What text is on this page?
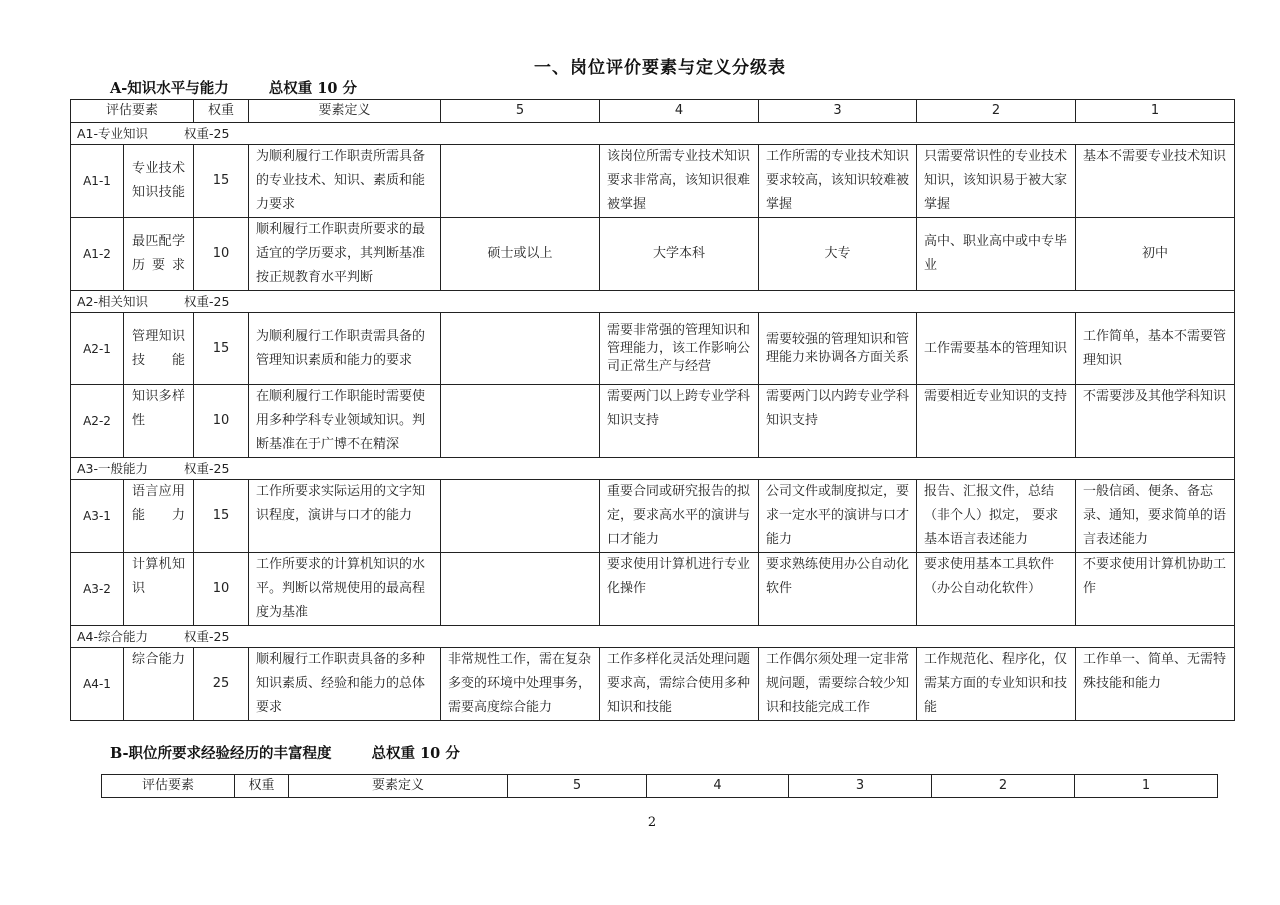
一、岗位评价要素与定义分级表
A-知识水平与能力	总权重 10 分
评估要素		权重	要素定义	5	4	3	2	1
A1-专业知识 权重-25								
A1-1	专业技术知识技能	15	为顺利履行工作职责所需具备的专业技术、知识、素质和能力要求		该岗位所需专业技术知识要求非常高，该知识很难被掌握	工作所需的专业技术知识要求较高，该知识较难被掌握	只需要常识性的专业技术知识，该知识易于被大家掌握	基本不需要专业技术知识
A1-2	最匹配学历要求	10	顺利履行工作职责所要求的最适宜的学历要求，其判断基准按正规教育水平判断	硕士或以上	大学本科	大专	高中、职业高中或中专毕业	初中
A2-相关知识 权重-25								
A2-1	管理知识技能	15	为顺利履行工作职责需具备的管理知识素质和能力的要求		需要非常强的管理知识和管理能力，该工作影响公司正常生产与经营	需要较强的管理知识和管理能力来协调各方面关系	工作需要基本的管理知识	工作简单，基本不需要管理知识
A2-2	知识多样性	10	在顺利履行工作职能时需要使用多种学科专业领域知识。判断基准在于广博不在精深		需要两门以上跨专业学科知识支持	需要两门以内跨专业学科知识支持	需要相近专业知识的支持	不需要涉及其他学科知识
A3-一般能力 权重-25								
A3-1	语言应用能力	15	工作所要求实际运用的文字知识程度，演讲与口才的能力		重要合同或研究报告的拟定，要求高水平的演讲与口才能力	公司文件或制度拟定，要求一定水平的演讲与口才能力	报告、汇报文件，总结（非个人）拟定， 要求基本语言表述能力	一般信函、便条、备忘录、通知，要求简单的语言表述能力
A3-2	计算机知识	10	工作所要求的计算机知识的水平。判断以常规使用的最高程度为基准		要求使用计算机进行专业化操作	要求熟练使用办公自动化软件	要求使用基本工具软件（办公自动化软件）	不要求使用计算机协助工作
A4-综合能力 权重-25								
A4-1	综合能力	25	顺利履行工作职责具备的多种知识素质、经验和能力的总体要求	非常规性工作，需在复杂多变的环境中处理事务，需要高度综合能力	工作多样化灵活处理问题要求高，需综合使用多种知识和技能	工作偶尔须处理一定非常规问题，需要综合较少知识和技能完成工作	工作规范化、程序化，仅需某方面的专业知识和技能	工作单一、简单、无需特殊技能和能力
B-职位所要求经验经历的丰富程度	总权重 10 分
评估要素	权重	要素定义	5	4	3	2	1
2
